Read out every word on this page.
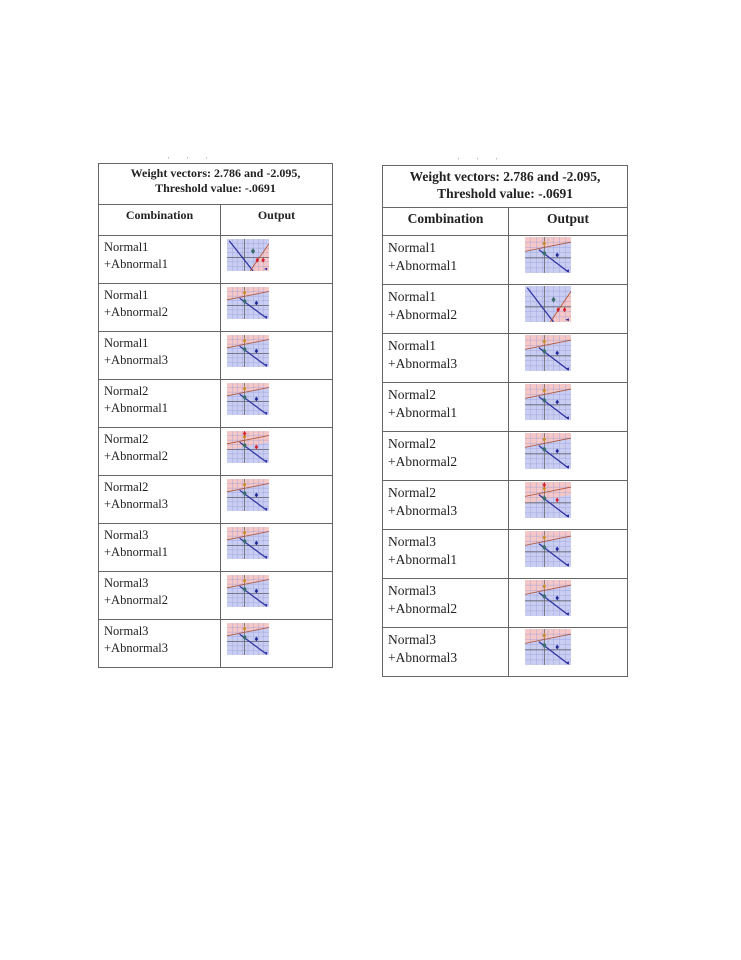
' ' '	' ' '
Weight vectors: 2.786 and -2.095,
Threshold value: -.0691	

Combination	Output

Normal1
+Abnormal1

Normal1
+Abnormal2

Normal1
+Abnormal3

Normal2
+Abnormal1

Normal2
+Abnormal2

Normal2
+Abnormal3

Normal3
+Abnormal1

Normal3
+Abnormal2

Normal3
+Abnormal3

Weight vectors: 2.786 and -2.095,
Threshold value: -.0691	

Combination	Output

Normal1
+Abnormal1

Normal1
+Abnormal2

Normal1
+Abnormal3

Normal2
+Abnormal1

Normal2
+Abnormal2

Normal2
+Abnormal3

Normal3
+Abnormal1

Normal3
+Abnormal2

Normal3
+Abnormal3
